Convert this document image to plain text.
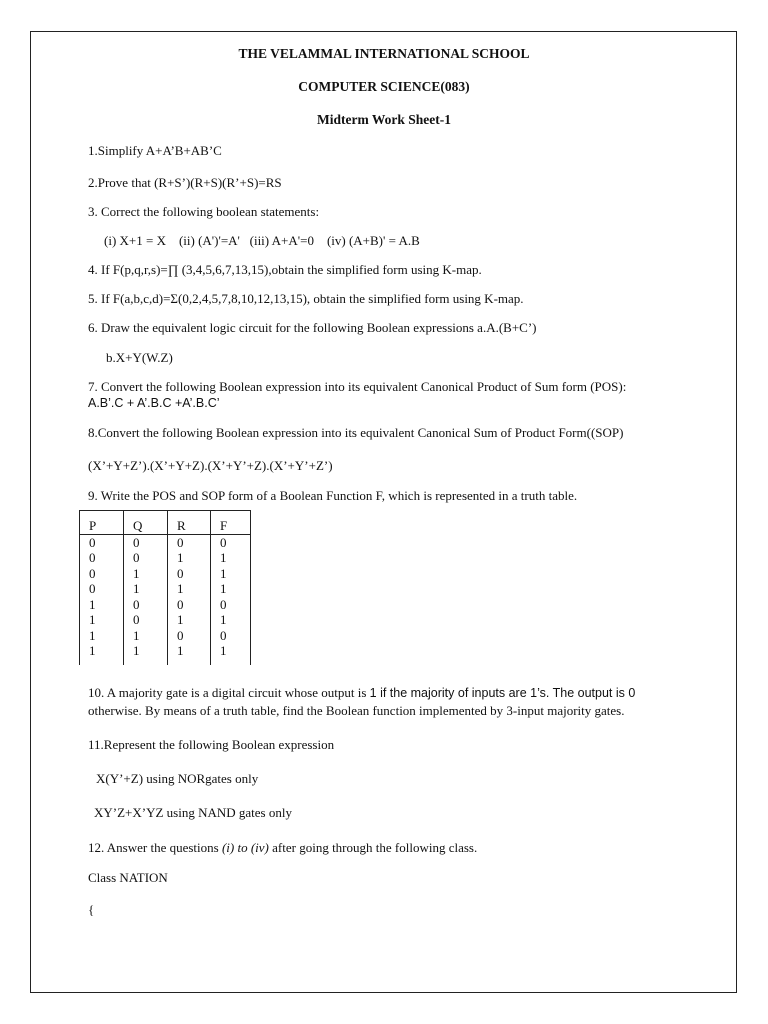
THE VELAMMAL INTERNATIONAL SCHOOL
COMPUTER SCIENCE(083)
Midterm Work Sheet-1
1.Simplify A+A’B+AB’C
2.Prove that (R+S’)(R+S)(R’+S)=RS
3. Correct the following boolean statements:
(i) X+1 = X    (ii) (A')'=A'   (iii) A+A'=0    (iv) (A+B)' = A.B
4. If F(p,q,r,s)=∏ (3,4,5,6,7,13,15),obtain the simplified form using K-map.
5. If F(a,b,c,d)=Σ(0,2,4,5,7,8,10,12,13,15), obtain the simplified form using K-map.
6. Draw the equivalent logic circuit for the following Boolean expressions a.A.(B+C’)
b.X+Y(W.Z)
7. Convert the following Boolean expression into its equivalent Canonical Product of Sum form (POS):
A.B’.C + A’.B.C +A’.B.C’
8.Convert the following Boolean expression into its equivalent Canonical Sum of Product Form((SOP)
(X’+Y+Z’).(X’+Y+Z).(X’+Y’+Z).(X’+Y’+Z’)
9. Write the POS and SOP form of a Boolean Function F, which is represented in a truth table.
P	Q	R	F
0	0	0	0
0	0	1	1
0	1	0	1
0	1	1	1
1	0	0	0
1	0	1	1
1	1	0	0
1	1	1	1
10. A majority gate is a digital circuit whose output is 1 if the majority of inputs are 1’s. The output is 0
otherwise. By means of a truth table, find the Boolean function implemented by 3-input majority gates.
11.Represent the following Boolean expression
X(Y’+Z) using NORgates only
XY’Z+X’YZ using NAND gates only
12. Answer the questions (i) to (iv) after going through the following class.
Class NATION
{
